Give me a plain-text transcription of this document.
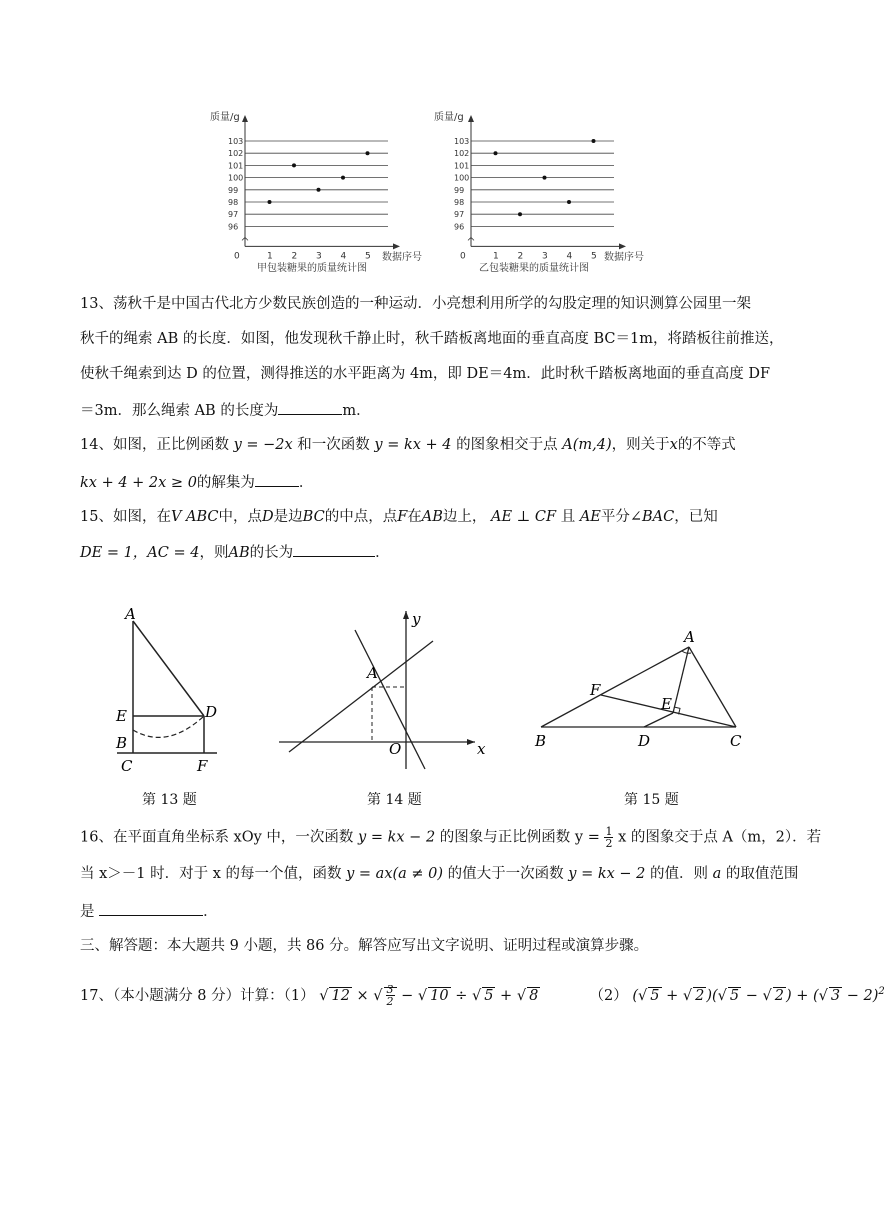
质量/g
0
103
102
101
100
99
98
97
96
1 2 3 4 5 数据序号
甲包装糖果的质量统计图
质量/g
0
103
102
101
100
99
98
97
96
1 2 3 4 5 数据序号
乙包装糖果的质量统计图
13、荡秋千是中国古代北方少数民族创造的一种运动．小亮想利用所学的勾股定理的知识测算公园里一架
秋千的绳索 AB 的长度．如图，他发现秋千静止时，秋千踏板离地面的垂直高度 BC＝1m，将踏板往前推送，
使秋千绳索到达 D 的位置，测得推送的水平距离为 4m，即 DE＝4m．此时秋千踏板离地面的垂直高度 DF
＝3m．那么绳索 AB 的长度为	m．
14、如图，正比例函数 y = −2x 和一次函数 y = kx + 4 的图象相交于点 A(m,4)，则关于x的不等式
kx + 4 + 2x ≥ 0的解集为	．
15、如图，在V ABC中，点D是边BC的中点，点F在AB边上， AE ⊥ CF 且 AE平分∠BAC，已知
DE = 1，AC = 4，则AB的长为	．
A
E	D
B
C	F
第 13 题
A
y
x
O
第 14 题
A
F
E
B	D	C
第 15 题
16、在平面直角坐标系 xOy 中，一次函数 y = kx − 2 的图象与正比例函数 $y = \frac{1}{2}$ x 的图象交于点 A（m，2）．若
当 x＞－1 时．对于 x 的每一个值，函数 y = ax(a ≠ 0) 的值大于一次函数 y = kx − 2 的值．则 a 的取值范围
是	．
三、解答题：本大题共 9 小题，共 86 分。解答应写出文字说明、证明过程或演算步骤。
17、（本小题满分 8 分）计算：（1） √ 12 × √ $\frac{3}{2}$ − √ 10 ÷ √ 5 + √ 8	（2） (√ 5 + √ 2 )(√ 5 − √ 2 ) + (√ 3 − 2)$^2$
